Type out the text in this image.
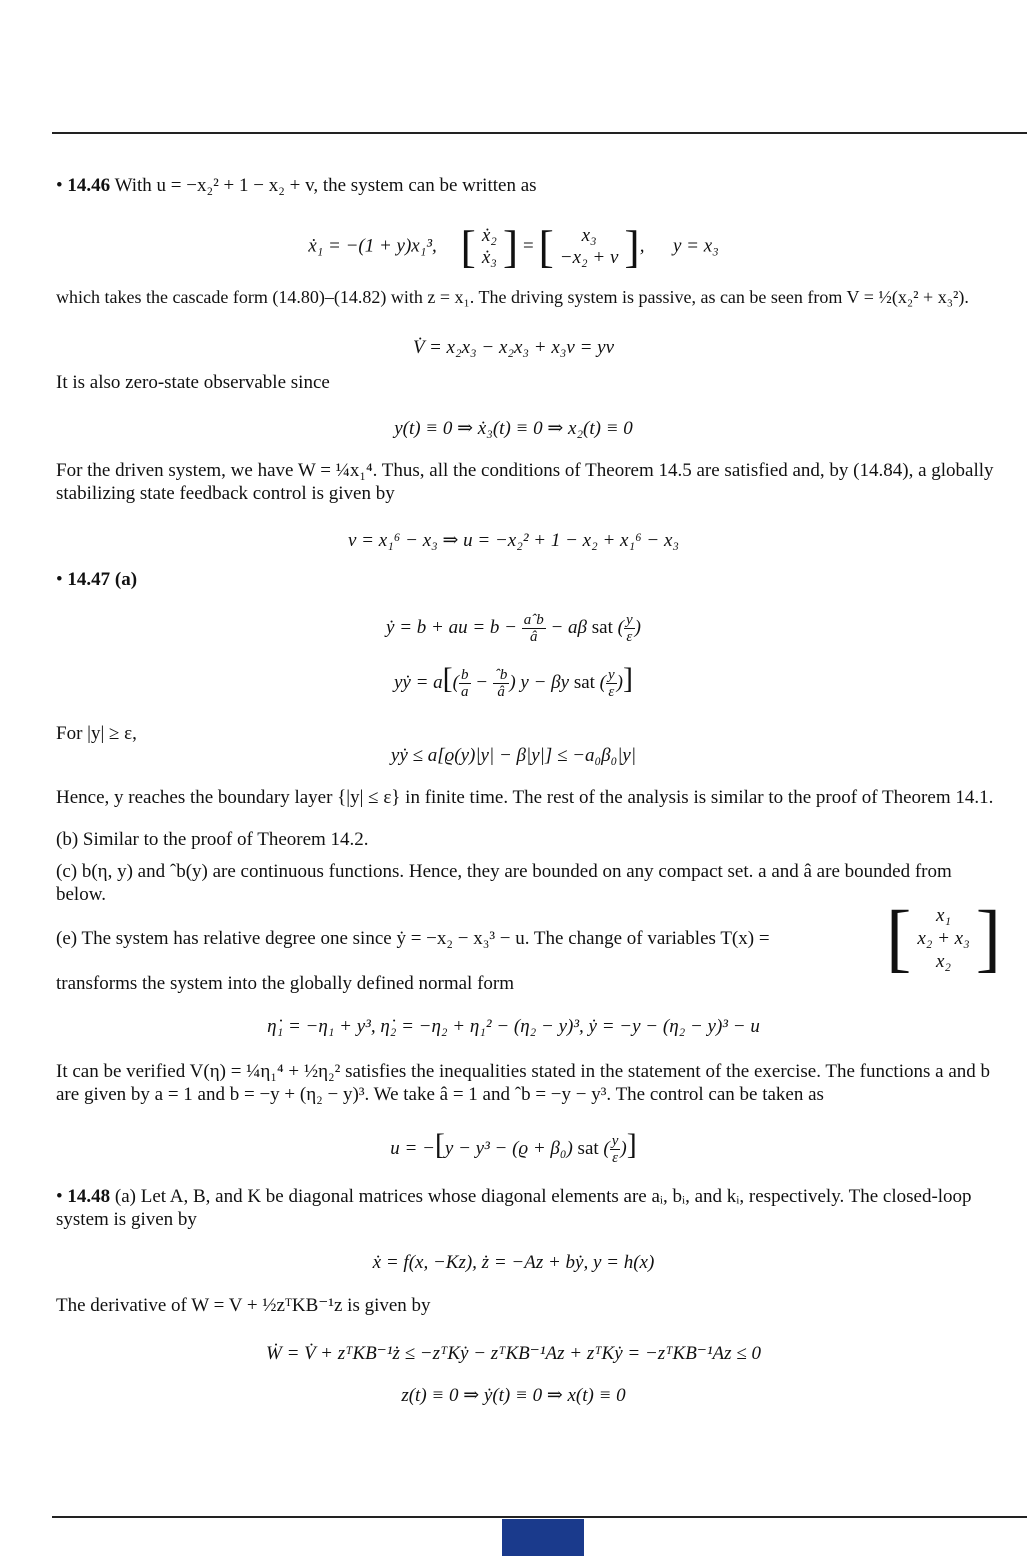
• 14.46 With u = −x₂² + 1 − x₂ + v, the system can be written as
ẋ₁ = −(1 + y)x₁³, [ ẋ₂
ẋ₃ ] = [ x₃
−x₂ + v ] ,      y = x₃
which takes the cascade form (14.80)–(14.82) with z = x₁. The driving system is passive, as can be seen from V = ½(x₂² + x₃²).
V̇ = x₂x₃ − x₂x₃ + x₃v = yv
It is also zero-state observable since
y(t) ≡ 0 ⇒ ẋ₃(t) ≡ 0 ⇒ x₂(t) ≡ 0
For the driven system, we have W = ¼x₁⁴. Thus, all the conditions of Theorem 14.5 are satisfied and, by (14.84), a globally stabilizing state feedback control is given by
v = x₁⁶ − x₃ ⇒ u = −x₂² + 1 − x₂ + x₁⁶ − x₃
• 14.47 (a)
ẏ = b + au = $b - \frac{\text{aˆb}}{â} - a\beta$ sat ( $\frac{y}{\varepsilon}$ )
yẏ = $a[( \frac{b}{a} - \frac{\text{ˆb}}{â}$ ) y − βy sat ( $\frac{y}{\varepsilon}$ )]
For |y| ≥ ε,
yẏ ≤ a[ϱ(y)|y| − β|y|] ≤ −a₀β₀|y|
Hence, y reaches the boundary layer {|y| ≤ ε} in finite time. The rest of the analysis is similar to the proof of Theorem 14.1.
(b) Similar to the proof of Theorem 14.2.
(c) b(η, y) and ˆb(y) are continuous functions. Hence, they are bounded on any compact set. a and â are bounded from below.
(e) The system has relative degree one since ẏ = −x₂ − x₃³ − u. The change of variables T(x) =	[ x₁
x₂ + x₃
x₂ ]
transforms the system into the globally defined normal form
η̇₁ = −η₁ + y³, η̇₂ = −η₂ + η₁² − (η₂ − y)³, ẏ = −y − (η₂ − y)³ − u
It can be verified V(η) = ¼η₁⁴ + ½η₂² satisfies the inequalities stated in the statement of the exercise. The functions a and b are given by a = 1 and b = −y + (η₂ − y)³. We take â = 1 and ˆb = −y − y³. The control can be taken as
u = −[y − y³ − (ϱ + β₀) sat ( $\frac{y}{\varepsilon}$ )]
• 14.48 (a) Let A, B, and K be diagonal matrices whose diagonal elements are aᵢ, bᵢ, and kᵢ, respectively. The closed-loop system is given by
ẋ = f(x, −Kz), ż = −Az + bẏ, y = h(x)
The derivative of W = V + ½zᵀKB⁻¹z is given by
Ẇ = V̇ + zᵀKB⁻¹ż ≤ −zᵀKẏ − zᵀKB⁻¹Az + zᵀKẏ = −zᵀKB⁻¹Az ≤ 0
z(t) ≡ 0 ⇒ ẏ(t) ≡ 0 ⇒ x(t) ≡ 0
